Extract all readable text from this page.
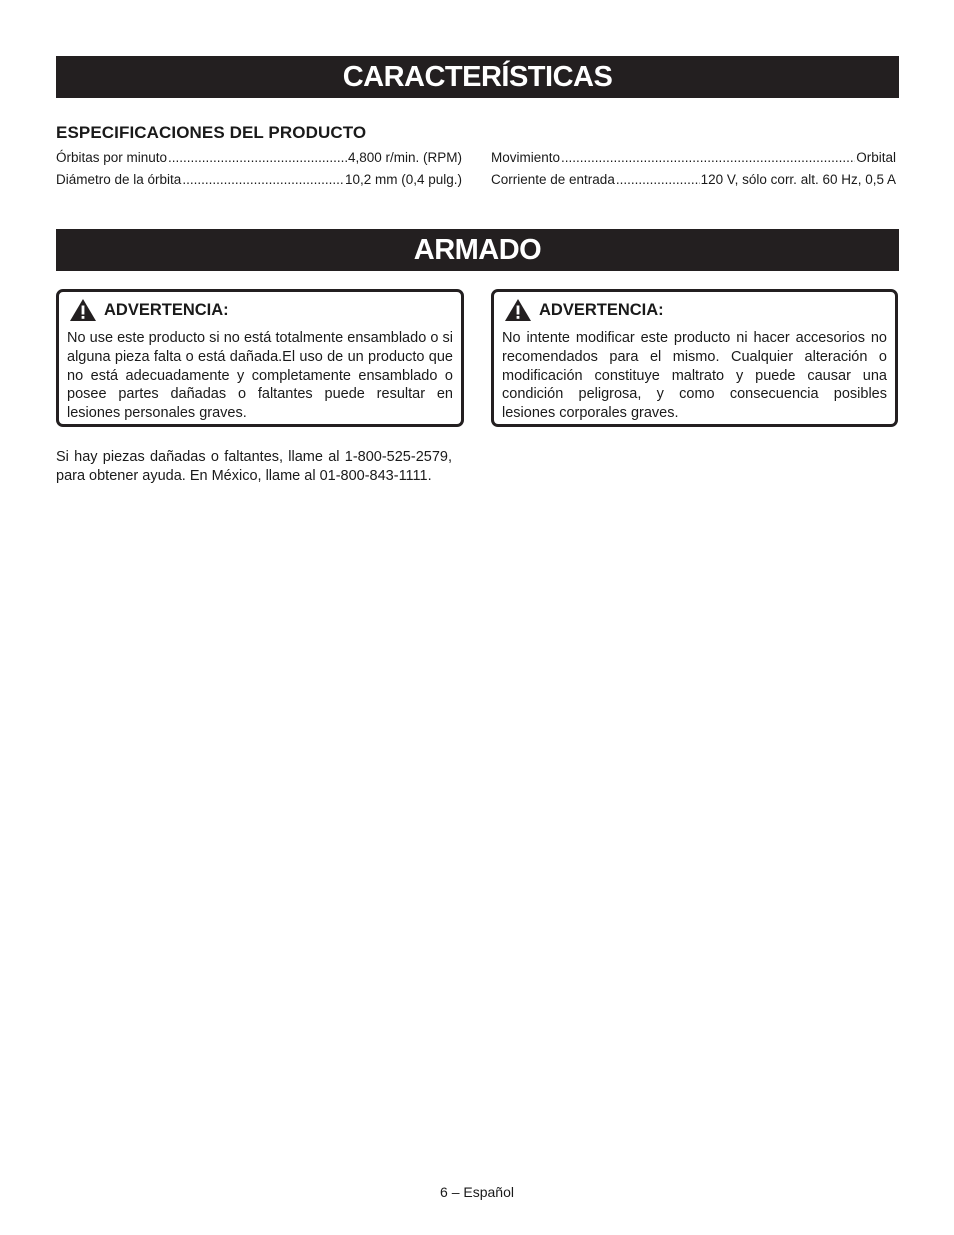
CARACTERÍSTICAS
ESPECIFICACIONES DEL PRODUCTO
Órbitas por minuto .....	4,800 r/min. (RPM)
Diámetro de la órbita .....	10,2 mm (0,4 pulg.)
Movimiento .....	Orbital
Corriente de entrada .....	120 V, sólo corr. alt. 60 Hz, 0,5 A
ARMADO
ADVERTENCIA:
No use este producto si no está totalmente ensamblado o si alguna pieza falta o está dañada.El uso de un producto que no está adecuadamente y completamente ensamblado o posee partes dañadas o faltantes puede resultar en lesiones personales graves.
ADVERTENCIA:
No intente modificar este producto ni hacer accesorios no recomendados para el mismo. Cualquier alteración o modificación constituye maltrato y puede causar una condición peligrosa, y como consecuencia posibles lesiones corporales graves.
Si hay piezas dañadas o faltantes, llame al 1-800-525-2579, para obtener ayuda. En México, llame al 01-800-843-1111.
6 – Español
